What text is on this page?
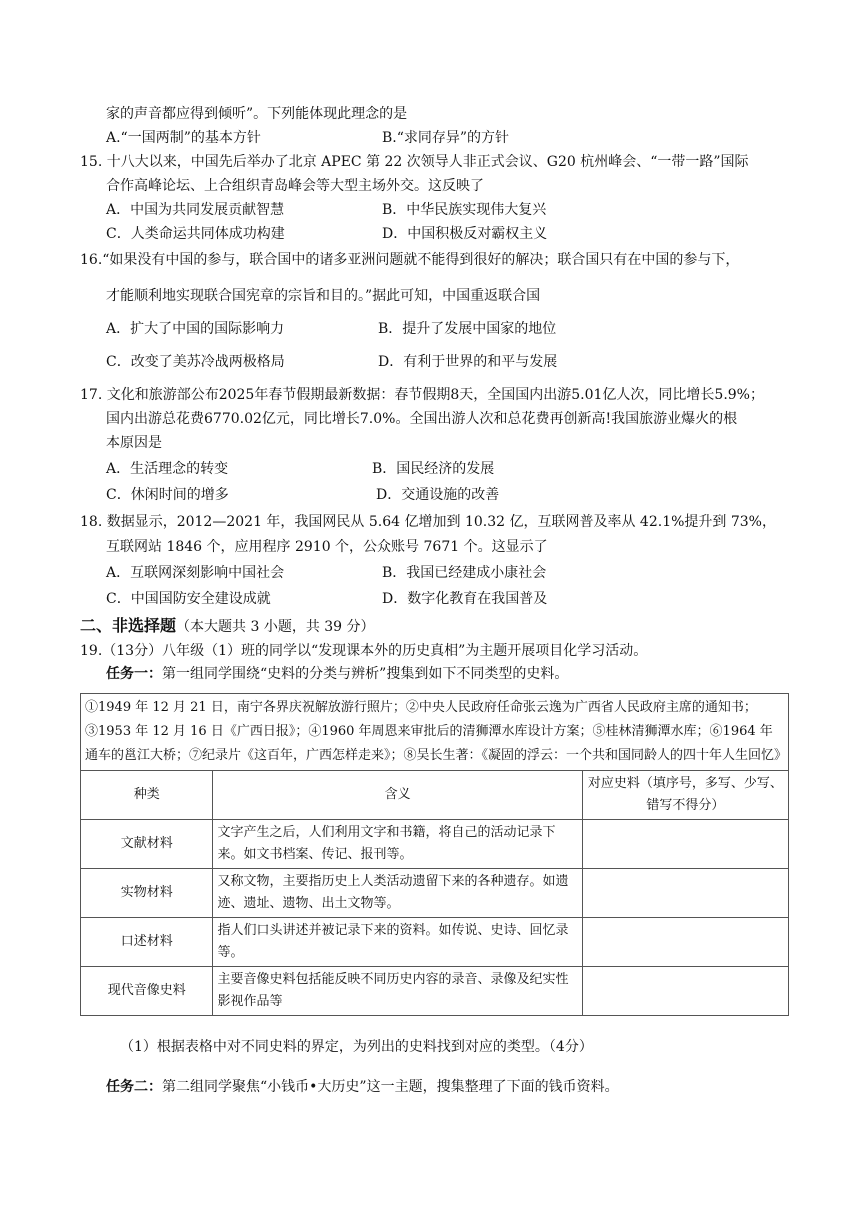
家的声音都应得到倾听”。下列能体现此理念的是
A.“一国两制”的基本方针	B.“求同存异”的方针
15. 十八大以来，中国先后举办了北京 APEC 第 22 次领导人非正式会议、G20 杭州峰会、“一带一路”国际
合作高峰论坛、上合组织青岛峰会等大型主场外交。这反映了
A．中国为共同发展贡献智慧	B．中华民族实现伟大复兴
C．人类命运共同体成功构建	D．中国积极反对霸权主义
16.“如果没有中国的参与，联合国中的诸多亚洲问题就不能得到很好的解决；联合国只有在中国的参与下，
才能顺利地实现联合国宪章的宗旨和目的。”据此可知，中国重返联合国
A．扩大了中国的国际影响力	B．提升了发展中国家的地位
C．改变了美苏冷战两极格局	D．有利于世界的和平与发展
17. 文化和旅游部公布2025年春节假期最新数据：春节假期8天，全国国内出游5.01亿人次，同比增长5.9%；
国内出游总花费6770.02亿元，同比增长7.0%。全国出游人次和总花费再创新高!我国旅游业爆火的根
本原因是
A．生活理念的转变	B．国民经济的发展
C．休闲时间的增多	D．交通设施的改善
18. 数据显示，2012—2021 年，我国网民从 5.64 亿增加到 10.32 亿，互联网普及率从 42.1%提升到 73%，
互联网站 1846 个，应用程序 2910 个，公众账号 7671 个。这显示了
A．互联网深刻影响中国社会	B．我国已经建成小康社会
C．中国国防安全建设成就	D．数字化教育在我国普及
二、非选择题（本大题共 3 小题，共 39 分）
19.（13分）八年级（1）班的同学以“发现课本外的历史真相”为主题开展项目化学习活动。
任务一：第一组同学围绕“史料的分类与辨析”搜集到如下不同类型的史料。
①1949 年 12 月 21 日，南宁各界庆祝解放游行照片；②中央人民政府任命张云逸为广西省人民政府主席的通知书；③1953 年 12 月 16 日《广西日报》；④1960 年周恩来审批后的清狮潭水库设计方案；⑤桂林清狮潭水库；⑥1964 年通车的邕江大桥；⑦纪录片《这百年，广西怎样走来》；⑧吴长生著：《凝固的浮云：一个共和国同龄人的四十年人生回忆》		
种类	含义	对应史料（填序号，多写、少写、错写不得分）
文献材料	文字产生之后，人们利用文字和书籍，将自己的活动记录下来。如文书档案、传记、报刊等。	
实物材料	又称文物，主要指历史上人类活动遗留下来的各种遗存。如遗迹、遗址、遗物、出土文物等。	
口述材料	指人们口头讲述并被记录下来的资料。如传说、史诗、回忆录等。	
现代音像史料	主要音像史料包括能反映不同历史内容的录音、录像及纪实性影视作品等	
（1）根据表格中对不同史料的界定，为列出的史料找到对应的类型。（4分）
任务二：第二组同学聚焦“小钱币•大历史”这一主题，搜集整理了下面的钱币资料。
